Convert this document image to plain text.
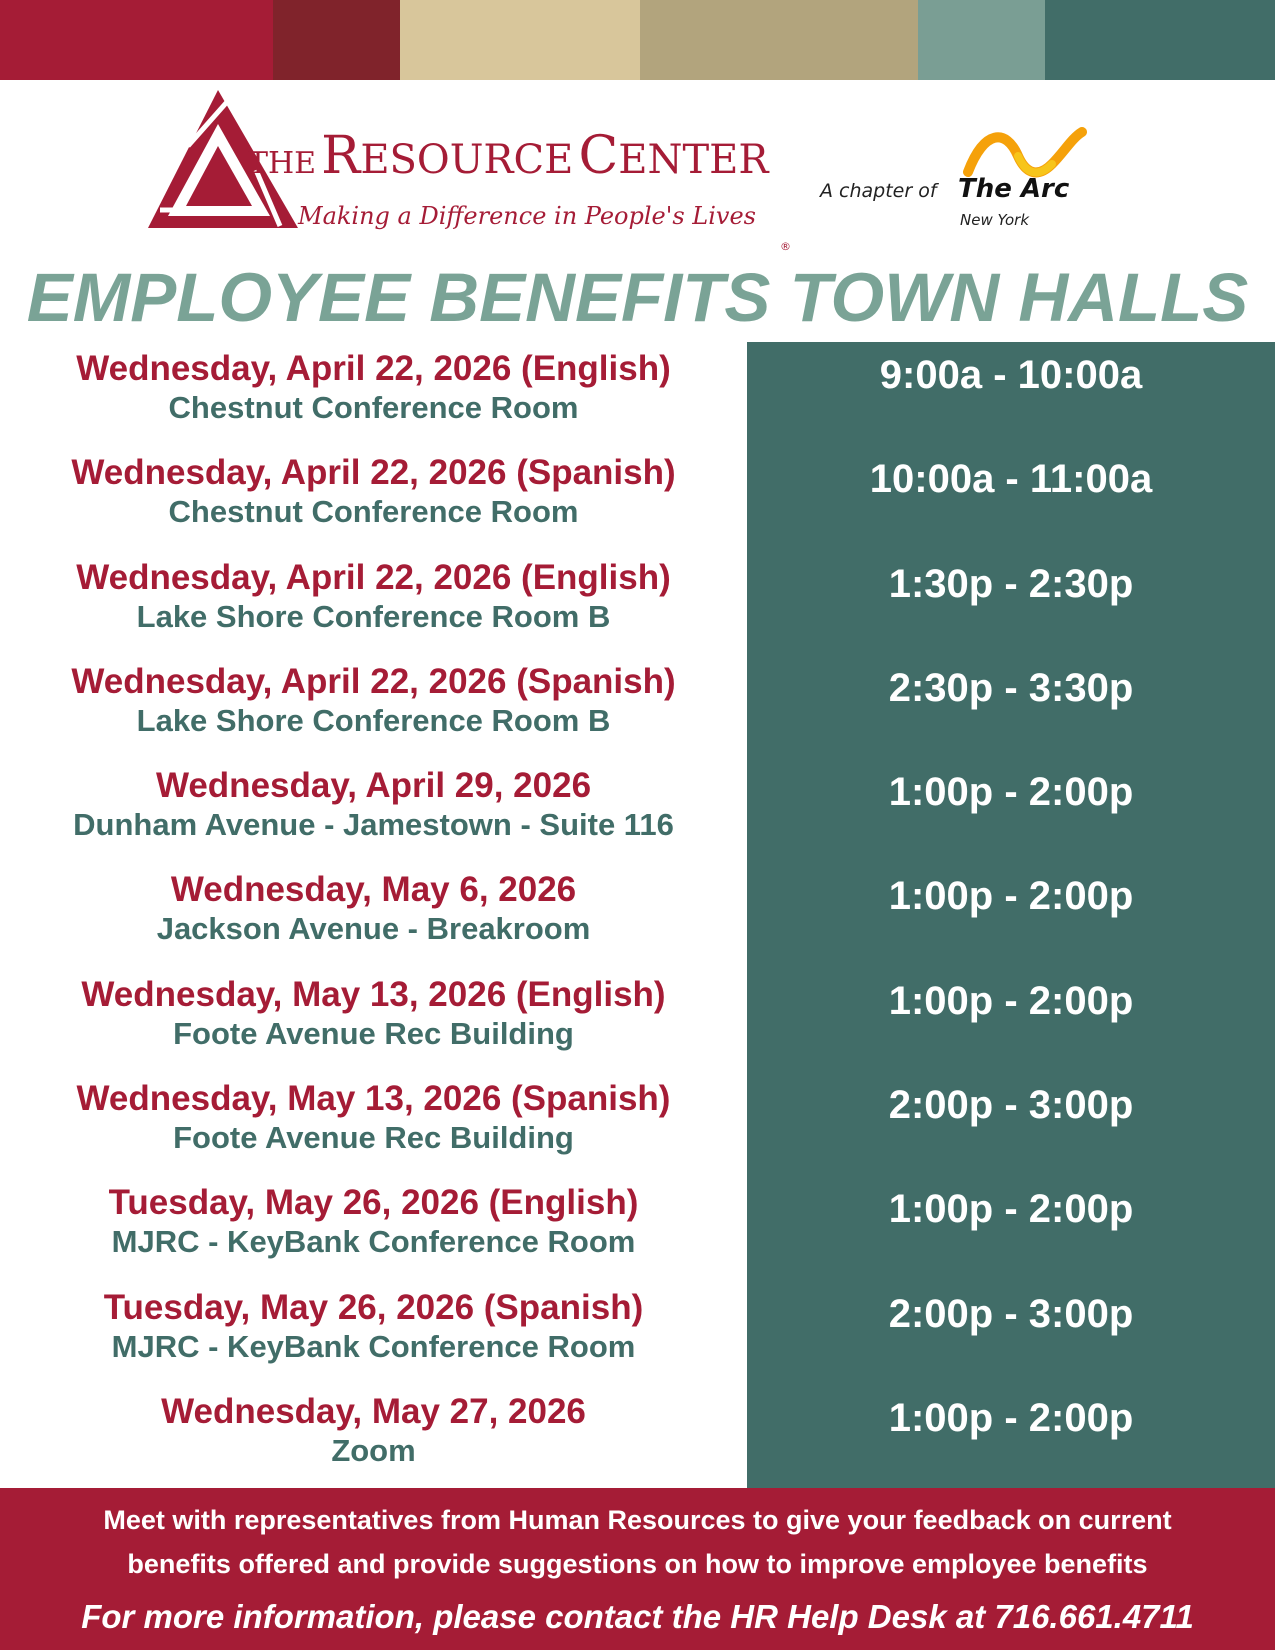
THE RESOURCE CENTER
Making a Difference in People's Lives
®
A chapter of The Arc
New York
EMPLOYEE BENEFITS TOWN HALLS
Wednesday, April 22, 2026 (English)
Chestnut Conference Room
9:00a - 10:00a
Wednesday, April 22, 2026 (Spanish)
Chestnut Conference Room
10:00a - 11:00a
Wednesday, April 22, 2026 (English)
Lake Shore Conference Room B
1:30p - 2:30p
Wednesday, April 22, 2026 (Spanish)
Lake Shore Conference Room B
2:30p - 3:30p
Wednesday, April 29, 2026
Dunham Avenue - Jamestown - Suite 116
1:00p - 2:00p
Wednesday, May 6, 2026
Jackson Avenue - Breakroom
1:00p - 2:00p
Wednesday, May 13, 2026 (English)
Foote Avenue Rec Building
1:00p - 2:00p
Wednesday, May 13, 2026 (Spanish)
Foote Avenue Rec Building
2:00p - 3:00p
Tuesday, May 26, 2026 (English)
MJRC - KeyBank Conference Room
1:00p - 2:00p
Tuesday, May 26, 2026 (Spanish)
MJRC - KeyBank Conference Room
2:00p - 3:00p
Wednesday, May 27, 2026
Zoom
1:00p - 2:00p
Meet with representatives from Human Resources to give your feedback on current
benefits offered and provide suggestions on how to improve employee benefits
For more information, please contact the HR Help Desk at 716.661.4711
